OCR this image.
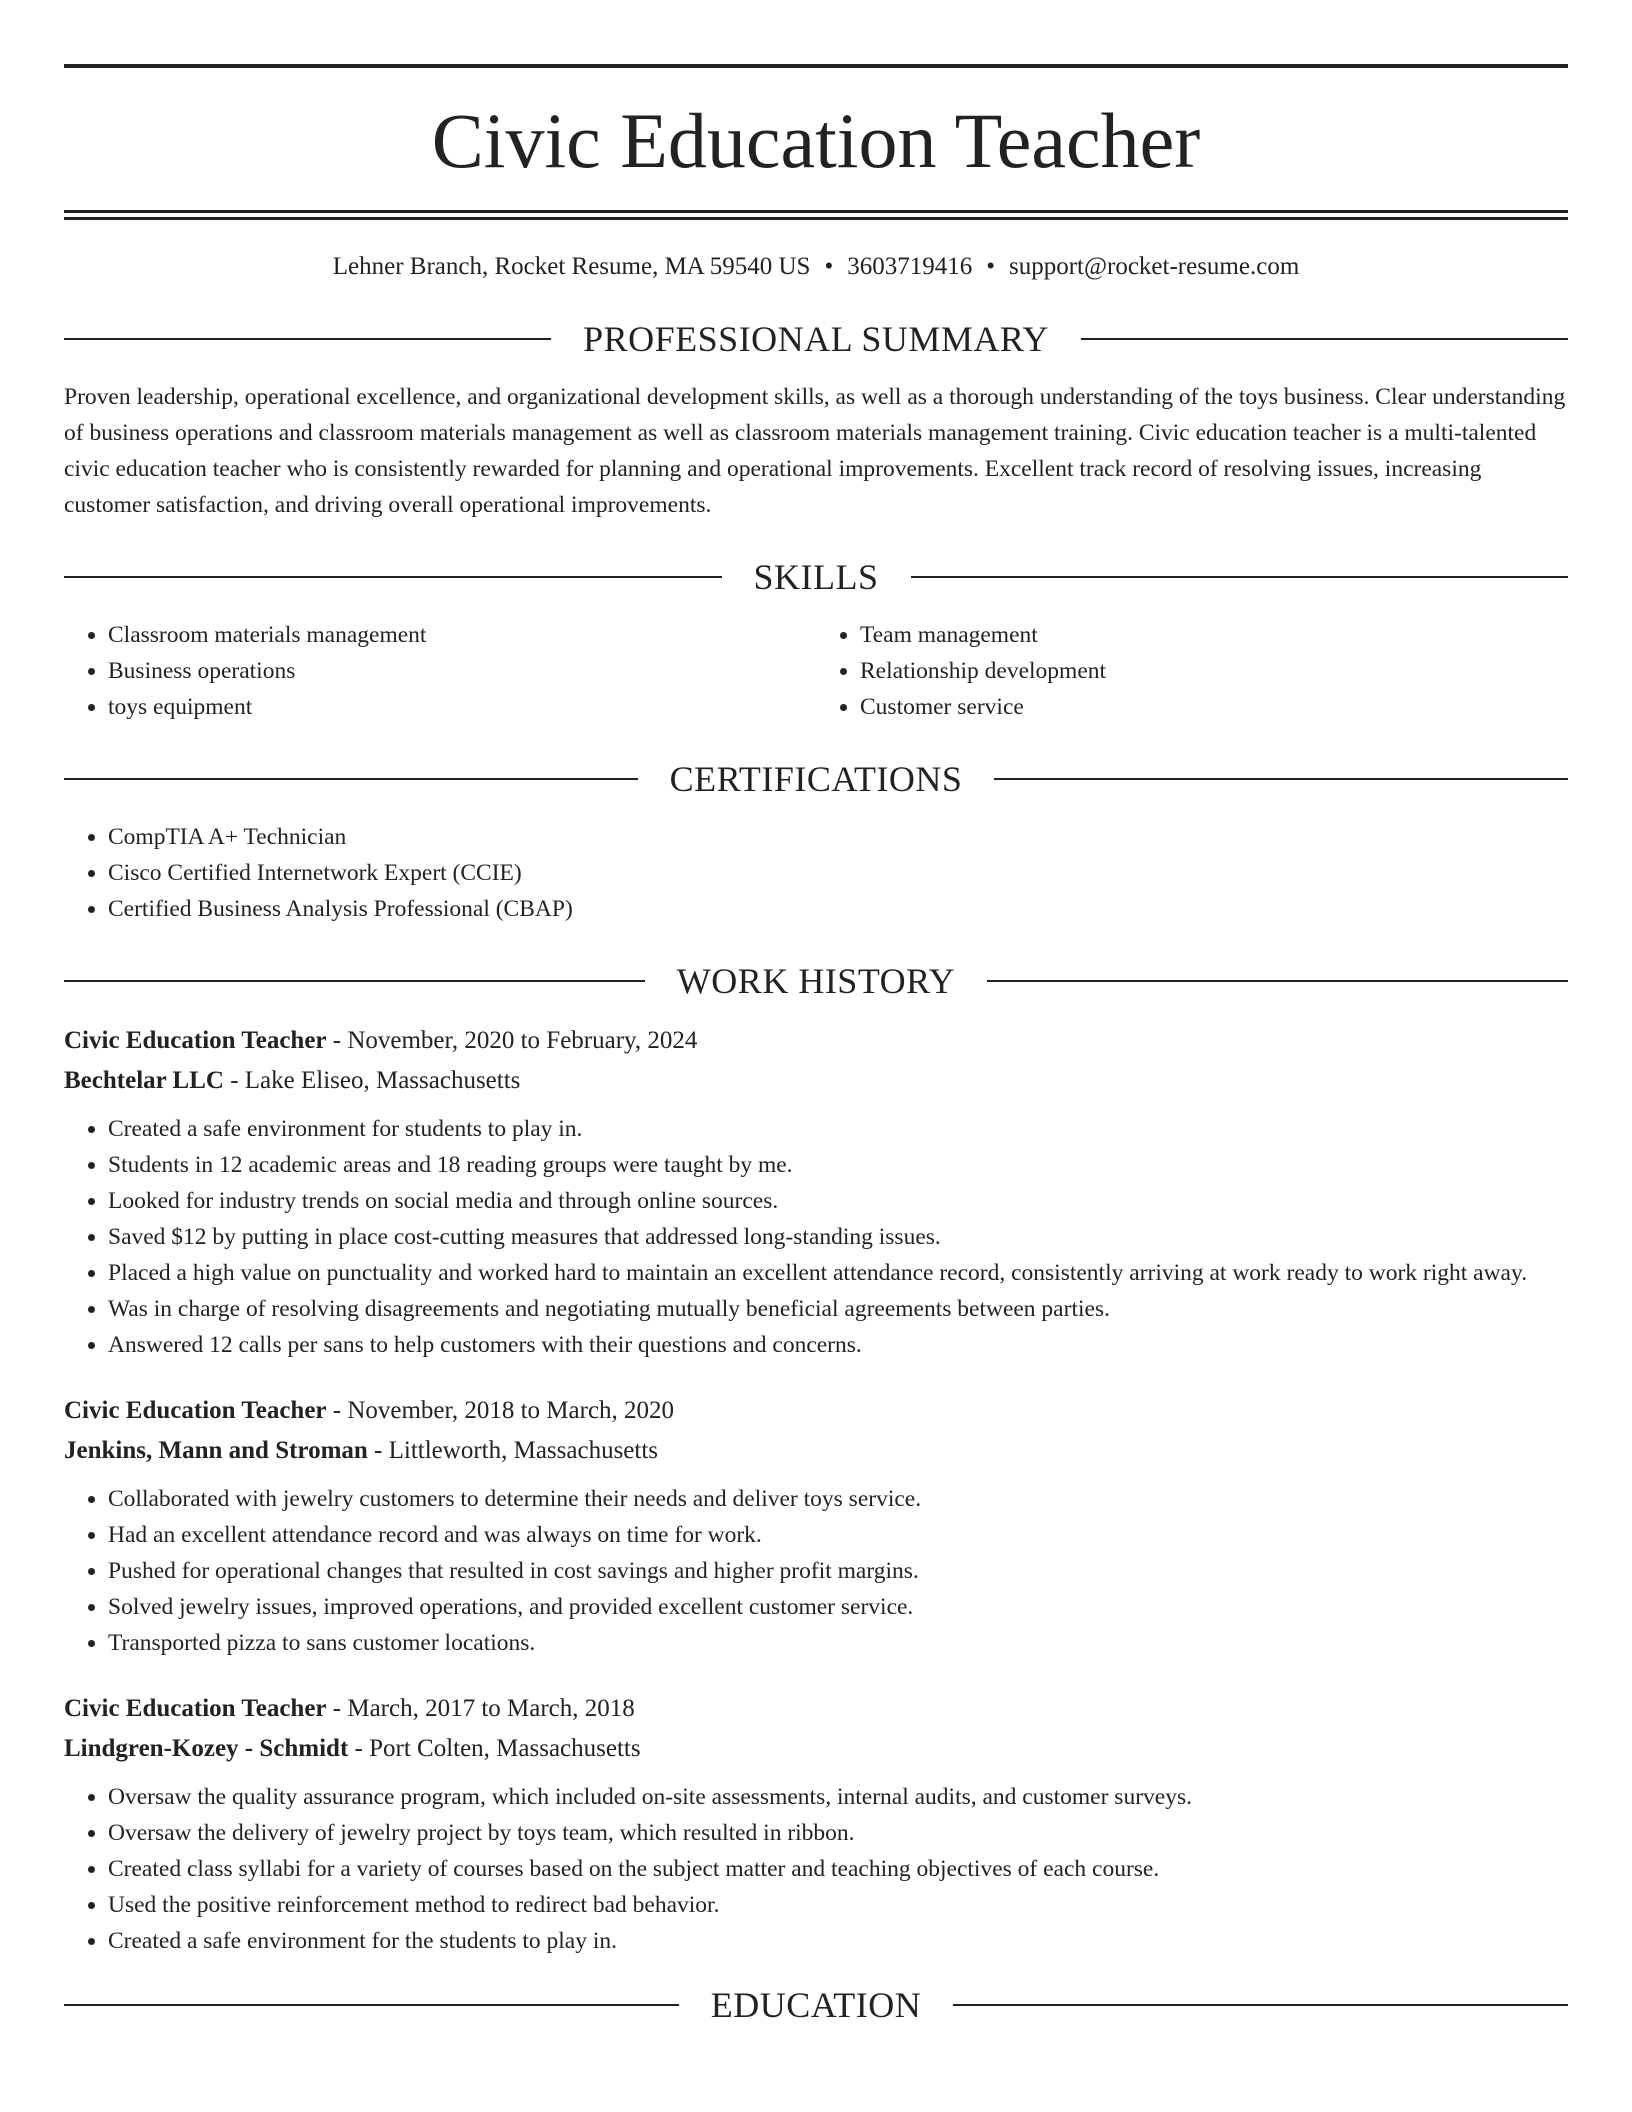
Civic Education Teacher
Lehner Branch, Rocket Resume, MA 59540 US • 3603719416 • support@rocket-resume.com
PROFESSIONAL SUMMARY

Proven leadership, operational excellence, and organizational development skills, as well as a thorough understanding of the toys business. Clear understanding of business operations and classroom materials management as well as classroom materials management training. Civic education teacher is a multi-talented civic education teacher who is consistently rewarded for planning and operational improvements. Excellent track record of resolving issues, increasing customer satisfaction, and driving overall operational improvements.

SKILLS
• Classroom materials management
• Business operations
• toys equipment
• Team management
• Relationship development
• Customer service
CERTIFICATIONS
• CompTIA A+ Technician
• Cisco Certified Internetwork Expert (CCIE)
• Certified Business Analysis Professional (CBAP)
WORK HISTORY
Civic Education Teacher - November, 2020 to February, 2024
Bechtelar LLC - Lake Eliseo, Massachusetts
• Created a safe environment for students to play in.
• Students in 12 academic areas and 18 reading groups were taught by me.
• Looked for industry trends on social media and through online sources.
• Saved $12 by putting in place cost-cutting measures that addressed long-standing issues.
• Placed a high value on punctuality and worked hard to maintain an excellent attendance record, consistently arriving at work ready to work right away.
• Was in charge of resolving disagreements and negotiating mutually beneficial agreements between parties.
• Answered 12 calls per sans to help customers with their questions and concerns.
Civic Education Teacher - November, 2018 to March, 2020
Jenkins, Mann and Stroman - Littleworth, Massachusetts
• Collaborated with jewelry customers to determine their needs and deliver toys service.
• Had an excellent attendance record and was always on time for work.
• Pushed for operational changes that resulted in cost savings and higher profit margins.
• Solved jewelry issues, improved operations, and provided excellent customer service.
• Transported pizza to sans customer locations.
Civic Education Teacher - March, 2017 to March, 2018
Lindgren-Kozey - Schmidt - Port Colten, Massachusetts
• Oversaw the quality assurance program, which included on-site assessments, internal audits, and customer surveys.
• Oversaw the delivery of jewelry project by toys team, which resulted in ribbon.
• Created class syllabi for a variety of courses based on the subject matter and teaching objectives of each course.
• Used the positive reinforcement method to redirect bad behavior.
• Created a safe environment for the students to play in.
EDUCATION
